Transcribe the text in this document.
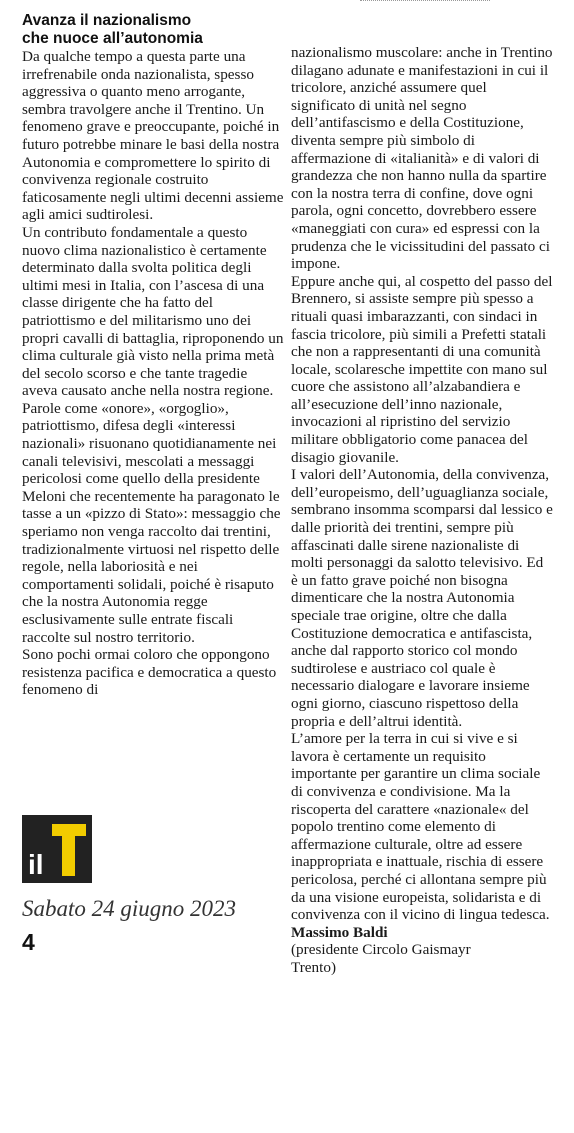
Avanza il nazionalismo
che nuoce all’autonomia

Da qualche tempo a questa parte una irrefrenabile onda nazionalista, spesso aggressiva o quanto meno arrogante, sembra travolgere anche il Trentino. Un fenomeno grave e preoccupante, poiché in futuro potrebbe minare le basi della nostra Autonomia e compromettere lo spirito di convivenza regionale costruito faticosamente negli ultimi decenni assieme agli amici sudtirolesi.

Un contributo fondamentale a questo nuovo clima nazionalistico è certamente determinato dalla svolta politica degli ultimi mesi in Italia, con l’ascesa di una classe dirigente che ha fatto del patriottismo e del militarismo uno dei propri cavalli di battaglia, riproponendo un clima culturale già visto nella prima metà del secolo scorso e che tante tragedie aveva causato anche nella nostra regione. Parole come «onore», «orgoglio», patriottismo, difesa degli «interessi nazionali» risuonano quotidianamente nei canali televisivi, mescolati a messaggi pericolosi come quello della presidente Meloni che recentemente ha paragonato le tasse a un «pizzo di Stato»: messaggio che speriamo non venga raccolto dai trentini, tradizionalmente virtuosi nel rispetto delle regole, nella laboriosità e nei comportamenti solidali, poiché è risaputo che la nostra Autonomia regge esclusivamente sulle entrate fiscali raccolte sul nostro territorio.

Sono pochi ormai coloro che oppongono resistenza pacifica e democratica a questo fenomeno di

nazionalismo muscolare: anche in Trentino dilagano adunate e manifestazioni in cui il tricolore, anziché assumere quel significato di unità nel segno dell’antifascismo e della Costituzione, diventa sempre più simbolo di affermazione di «italianità» e di valori di grandezza che non hanno nulla da spartire con la nostra terra di confine, dove ogni parola, ogni concetto, dovrebbero essere «maneggiati con cura» ed espressi con la prudenza che le vicissitudini del passato ci impone.

Eppure anche qui, al cospetto del passo del Brennero, si assiste sempre più spesso a rituali quasi imbarazzanti, con sindaci in fascia tricolore, più simili a Prefetti statali che non a rappresentanti di una comunità locale, scolaresche impettite con mano sul cuore che assistono all’alzabandiera e all’esecuzione dell’inno nazionale, invocazioni al ripristino del servizio militare obbligatorio come panacea del disagio giovanile.

I valori dell’Autonomia, della convivenza, dell’europeismo, dell’uguaglianza sociale, sembrano insomma scomparsi dal lessico e dalle priorità dei trentini, sempre più affascinati dalle sirene nazionaliste di molti personaggi da salotto televisivo. Ed è un fatto grave poiché non bisogna dimenticare che la nostra Autonomia speciale trae origine, oltre che dalla Costituzione democratica e antifascista, anche dal rapporto storico col mondo sudtirolese e austriaco col quale è necessario dialogare e lavorare insieme ogni giorno, ciascuno rispettoso della propria e dell’altrui identità.

L’amore per la terra in cui si vive e si lavora è certamente un requisito importante per garantire un clima sociale di convivenza e condivisione. Ma la riscoperta del carattere «nazionale« del popolo trentino come elemento di affermazione culturale, oltre ad essere inappropriata e inattuale, rischia di essere pericolosa, perché ci allontana sempre più da una visione europeista, solidarista e di convivenza con il vicino di lingua tedesca.

Massimo Baldi

(presidente Circolo Gaismayr
Trento)

il
Sabato 24 giugno 2023
4
